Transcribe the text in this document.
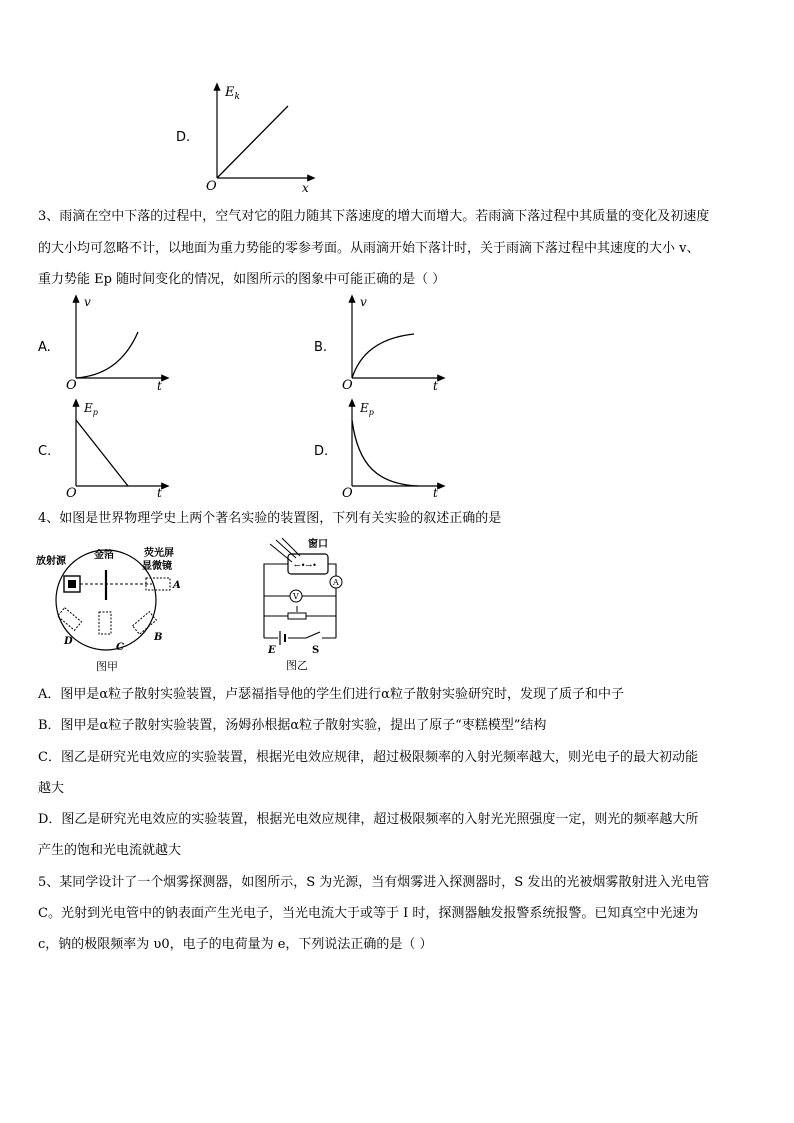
D.
$E_k$
O	x
3、雨滴在空中下落的过程中，空气对它的阻力随其下落速度的增大而增大。若雨滴下落过程中其质量的变化及初速度
的大小均可忽略不计，以地面为重力势能的零参考面。从雨滴开始下落计时，关于雨滴下落过程中其速度的大小 v、
重力势能 Ep 随时间变化的情况，如图所示的图象中可能正确的是（ ）
A.
v
O	t
B.
v
O	t
C.
$E_p$
O	t
D.
$E_p$
O	t
4、如图是世界物理学史上两个著名实验的装置图，下列有关实验的叙述正确的是
放射源
金箔	荧光屏
显微镜
A
B
C
D
图甲
窗口
←•→•
A
V
E	S
图乙
A．图甲是α粒子散射实验装置，卢瑟福指导他的学生们进行α粒子散射实验研究时，发现了质子和中子
B．图甲是α粒子散射实验装置，汤姆孙根据α粒子散射实验，提出了原子“枣糕模型”结构
C．图乙是研究光电效应的实验装置，根据光电效应规律，超过极限频率的入射光频率越大，则光电子的最大初动能
越大
D．图乙是研究光电效应的实验装置，根据光电效应规律，超过极限频率的入射光光照强度一定，则光的频率越大所
产生的饱和光电流就越大
5、某同学设计了一个烟雾探测器，如图所示，S 为光源，当有烟雾进入探测器时，S 发出的光被烟雾散射进入光电管
C。光射到光电管中的钠表面产生光电子，当光电流大于或等于 I 时，探测器触发报警系统报警。已知真空中光速为
c，钠的极限频率为 υ0，电子的电荷量为 e，下列说法正确的是（ ）
